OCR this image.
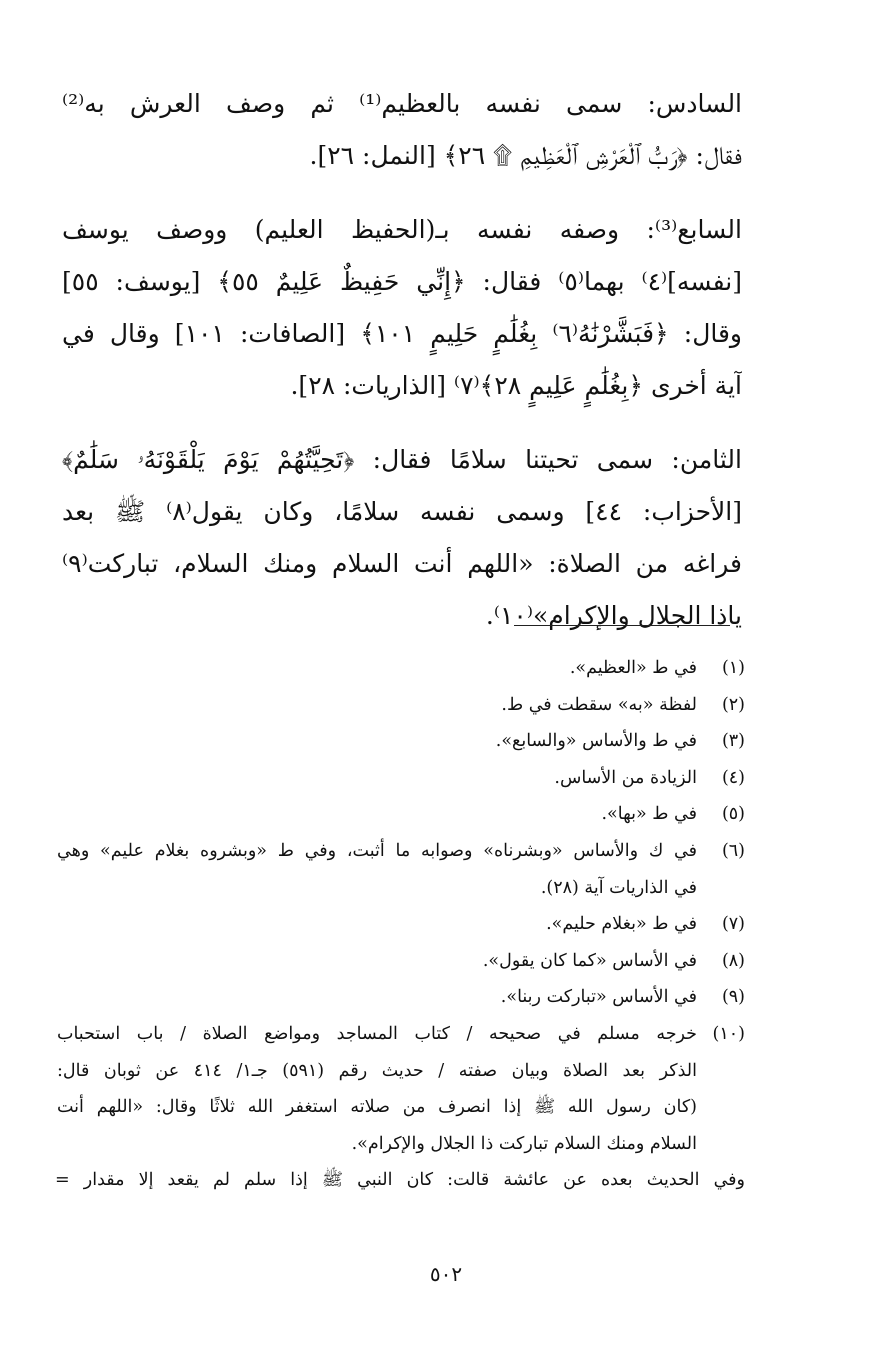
السادس: سمى نفسه بالعظيم⁽¹⁾ ثم وصف العرش به⁽²⁾
فقال: ﴿رَبُّ ٱلْعَرْشِ ٱلْعَظِيمِ ۩ ٢٦﴾ [النمل: ٢٦].
السابع⁽³⁾: وصفه نفسه بـ(الحفيظ العليم) ووصف يوسف
[نفسه]⁽٤⁾ بهما⁽٥⁾ فقال: ﴿إِنِّي حَفِيظٌ عَلِيمٌ ٥٥﴾ [يوسف: ٥٥]
وقال: ﴿فَبَشَّرْنَٰهُ⁽٦⁾ بِغُلَٰمٍ حَلِيمٍ ١٠١﴾ [الصافات: ١٠١] وقال في
آية أخرى ﴿بِغُلَٰمٍ عَلِيمٍ ٢٨﴾⁽٧⁾ [الذاريات: ٢٨].
الثامن: سمى تحيتنا سلامًا فقال: ﴿تَحِيَّتُهُمْ يَوْمَ يَلْقَوْنَهُۥ سَلَٰمٌ﴾
[الأحزاب: ٤٤] وسمى نفسه سلامًا، وكان يقول⁽٨⁾ ﷺ بعد
فراغه من الصلاة: «اللهم أنت السلام ومنك السلام، تباركت⁽٩⁾
ياذا الجلال والإكرام»⁽١٠⁾.
(١)في ط «العظيم».
(٢)لفظة «به» سقطت في ط.
(٣)في ط والأساس «والسابع».
(٤)الزيادة من الأساس.
(٥)في ط «بها».
(٦)في ك والأساس «وبشرناه» وصوابه ما أثبت، وفي ط «وبشروه بغلام عليم» وهي
في الذاريات آية (٢٨).
(٧)في ط «بغلام حليم».
(٨)في الأساس «كما كان يقول».
(٩)في الأساس «تباركت ربنا».
(١٠)خرجه مسلم في صحيحه / كتاب المساجد ومواضع الصلاة / باب استحباب
الذكر بعد الصلاة وبيان صفته / حديث رقم (٥٩١) جـ١/ ٤١٤ عن ثوبان قال:
(كان رسول الله ﷺ إذا انصرف من صلاته استغفر الله ثلاثًا وقال: «اللهم أنت
السلام ومنك السلام تباركت ذا الجلال والإكرام».
وفي الحديث بعده عن عائشة قالت: كان النبي ﷺ إذا سلم لم يقعد إلا مقدار =
٥٠٢
